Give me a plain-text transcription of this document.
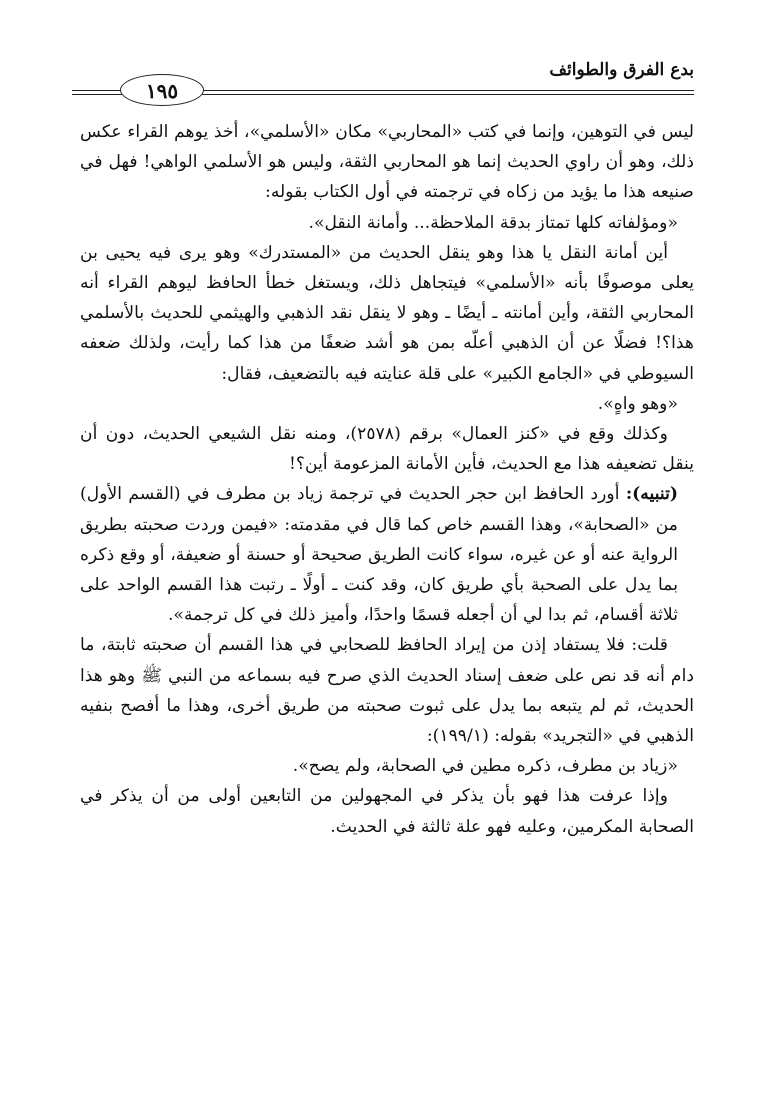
بدع الفرق والطوائف
١٩٥

ليس في التوهين، وإنما في كتب «المحاربي» مكان «الأسلمي»، أخذ يوهم القراء عكس ذلك، وهو أن راوي الحديث إنما هو المحاربي الثقة، وليس هو الأسلمي الواهي! فهل في صنيعه هذا ما يؤيد من زكاه في ترجمته في أول الكتاب بقوله:

«ومؤلفاته كلها تمتاز بدقة الملاحظة... وأمانة النقل».

أين أمانة النقل يا هذا وهو ينقل الحديث من «المستدرك» وهو يرى فيه يحيى بن يعلى موصوفًا بأنه «الأسلمي» فيتجاهل ذلك، ويستغل خطأ الحافظ ليوهم القراء أنه المحاربي الثقة، وأين أمانته ـ أيضًا ـ وهو لا ينقل نقد الذهبي والهيثمي للحديث بالأسلمي هذا؟! فضلًا عن أن الذهبي أعلّه بمن هو أشد ضعفًا من هذا كما رأيت، ولذلك ضعفه السيوطي في «الجامع الكبير» على قلة عنايته فيه بالتضعيف، فقال:

«وهو واهٍ».

وكذلك وقع في «كنز العمال» برقم (٢٥٧٨)، ومنه نقل الشيعي الحديث، دون أن ينقل تضعيفه هذا مع الحديث، فأين الأمانة المزعومة أين؟!

(تنبيه): أورد الحافظ ابن حجر الحديث في ترجمة زياد بن مطرف في (القسم الأول) من «الصحابة»، وهذا القسم خاص كما قال في مقدمته: «فيمن وردت صحبته بطريق الرواية عنه أو عن غيره، سواء كانت الطريق صحيحة أو حسنة أو ضعيفة، أو وقع ذكره بما يدل على الصحبة بأي طريق كان، وقد كنت ـ أولًا ـ رتبت هذا القسم الواحد على ثلاثة أقسام، ثم بدا لي أن أجعله قسمًا واحدًا، وأميز ذلك في كل ترجمة».

قلت: فلا يستفاد إذن من إيراد الحافظ للصحابي في هذا القسم أن صحبته ثابتة، ما دام أنه قد نص على ضعف إسناد الحديث الذي صرح فيه بسماعه من النبي ﷺ وهو هذا الحديث، ثم لم يتبعه بما يدل على ثبوت صحبته من طريق أخرى، وهذا ما أفصح بنفيه الذهبي في «التجريد» بقوله: (١٩٩/١):

«زياد بن مطرف، ذكره مطين في الصحابة، ولم يصح».

وإذا عرفت هذا فهو بأن يذكر في المجهولين من التابعين أولى من أن يذكر في الصحابة المكرمين، وعليه فهو علة ثالثة في الحديث.
